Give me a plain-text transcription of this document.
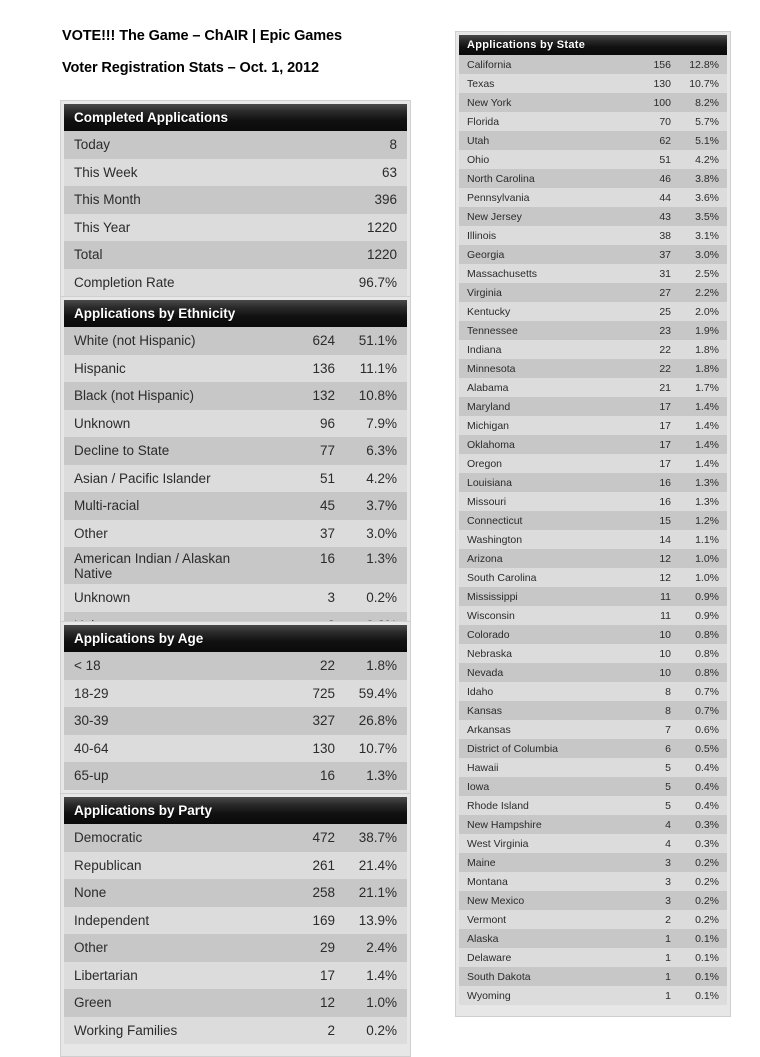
VOTE!!! The Game – ChAIR | Epic Games
Voter Registration Stats – Oct. 1, 2012
Completed Applications
Today	8
This Week	63
This Month	396
This Year	1220
Total	1220
Completion Rate	96.7%
Applications by Ethnicity
White (not Hispanic)	624	51.1%
Hispanic	136	11.1%
Black (not Hispanic)	132	10.8%
Unknown	96	7.9%
Decline to State	77	6.3%
Asian / Pacific Islander	51	4.2%
Multi-racial	45	3.7%
Other	37	3.0%
American Indian / Alaskan Native
16	1.3%
Unknown	3	0.2%
Applications by Age
< 18	22	1.8%
18-29	725	59.4%
30-39	327	26.8%
40-64	130	10.7%
65-up	16	1.3%
Applications by Party
Democratic	472	38.7%
Republican	261	21.4%
None	258	21.1%
Independent	169	13.9%
Other	29	2.4%
Libertarian	17	1.4%
Green	12	1.0%
Working Families	2	0.2%
Applications by State
California	156	12.8%
Texas	130	10.7%
New York	100	8.2%
Florida	70	5.7%
Utah	62	5.1%
Ohio	51	4.2%
North Carolina	46	3.8%
Pennsylvania	44	3.6%
New Jersey	43	3.5%
Illinois	38	3.1%
Georgia	37	3.0%
Massachusetts	31	2.5%
Virginia	27	2.2%
Kentucky	25	2.0%
Tennessee	23	1.9%
Indiana	22	1.8%
Minnesota	22	1.8%
Alabama	21	1.7%
Maryland	17	1.4%
Michigan	17	1.4%
Oklahoma	17	1.4%
Oregon	17	1.4%
Louisiana	16	1.3%
Missouri	16	1.3%
Connecticut	15	1.2%
Washington	14	1.1%
Arizona	12	1.0%
South Carolina	12	1.0%
Mississippi	11	0.9%
Wisconsin	11	0.9%
Colorado	10	0.8%
Nebraska	10	0.8%
Nevada	10	0.8%
Idaho	8	0.7%
Kansas	8	0.7%
Arkansas	7	0.6%
District of Columbia	6	0.5%
Hawaii	5	0.4%
Iowa	5	0.4%
Rhode Island	5	0.4%
New Hampshire	4	0.3%
West Virginia	4	0.3%
Maine	3	0.2%
Montana	3	0.2%
New Mexico	3	0.2%
Vermont	2	0.2%
Alaska	1	0.1%
Delaware	1	0.1%
South Dakota	1	0.1%
Wyoming	1	0.1%
